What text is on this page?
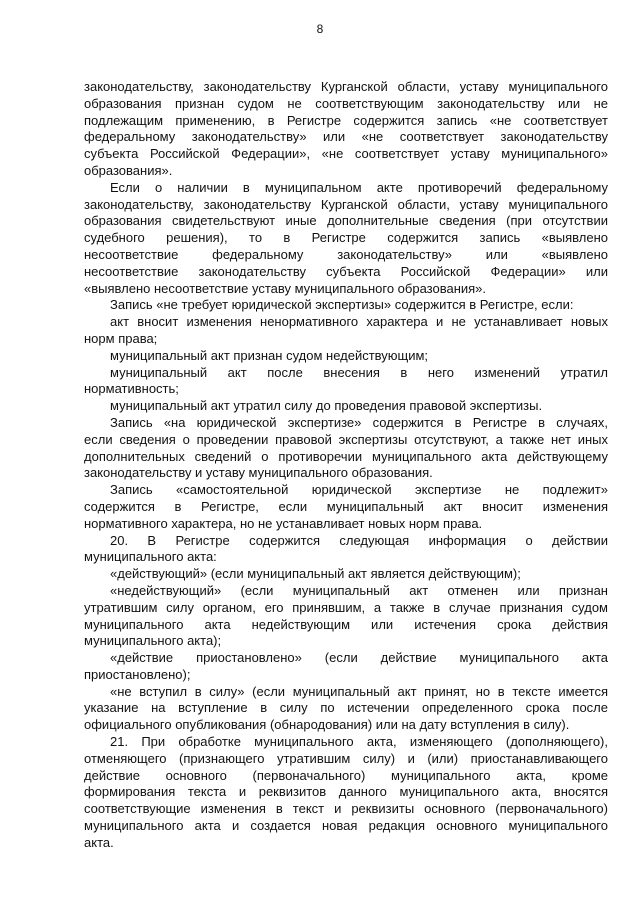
8
законодательству, законодательству Курганской области, уставу муниципального
образования признан судом не соответствующим законодательству или не
подлежащим применению, в Регистре содержится запись «не соответствует
федеральному законодательству» или «не соответствует законодательству
субъекта Российской Федерации», «не соответствует уставу муниципального»
образования».
Если о наличии в муниципальном акте противоречий федеральному
законодательству, законодательству Курганской области, уставу муниципального
образования свидетельствуют иные дополнительные сведения (при отсутствии
судебного решения), то в Регистре содержится запись «выявлено
несоответствие федеральному законодательству» или «выявлено
несоответствие законодательству субъекта Российской Федерации» или
«выявлено несоответствие уставу муниципального образования».
Запись «не требует юридической экспертизы» содержится в Регистре, если:
акт вносит изменения ненормативного характера и не устанавливает новых
норм права;
муниципальный акт признан судом недействующим;
муниципальный акт после внесения в него изменений утратил
нормативность;
муниципальный акт утратил силу до проведения правовой экспертизы.
Запись «на юридической экспертизе» содержится в Регистре в случаях,
если сведения о проведении правовой экспертизы отсутствуют, а также нет иных
дополнительных сведений о противоречии муниципального акта действующему
законодательству и уставу муниципального образования.
Запись «самостоятельной юридической экспертизе не подлежит»
содержится в Регистре, если муниципальный акт вносит изменения
нормативного характера, но не устанавливает новых норм права.
20. В Регистре содержится следующая информация о действии
муниципального акта:
«действующий» (если муниципальный акт является действующим);
«недействующий» (если муниципальный акт отменен или признан
утратившим силу органом, его принявшим, а также в случае признания судом
муниципального акта недействующим или истечения срока действия
муниципального акта);
«действие приостановлено» (если действие муниципального акта
приостановлено);
«не вступил в силу» (если муниципальный акт принят, но в тексте имеется
указание на вступление в силу по истечении определенного срока после
официального опубликования (обнародования) или на дату вступления в силу).
21. При обработке муниципального акта, изменяющего (дополняющего),
отменяющего (признающего утратившим силу) и (или) приостанавливающего
действие основного (первоначального) муниципального акта, кроме
формирования текста и реквизитов данного муниципального акта, вносятся
соответствующие изменения в текст и реквизиты основного (первоначального)
муниципального акта и создается новая редакция основного муниципального
акта.
